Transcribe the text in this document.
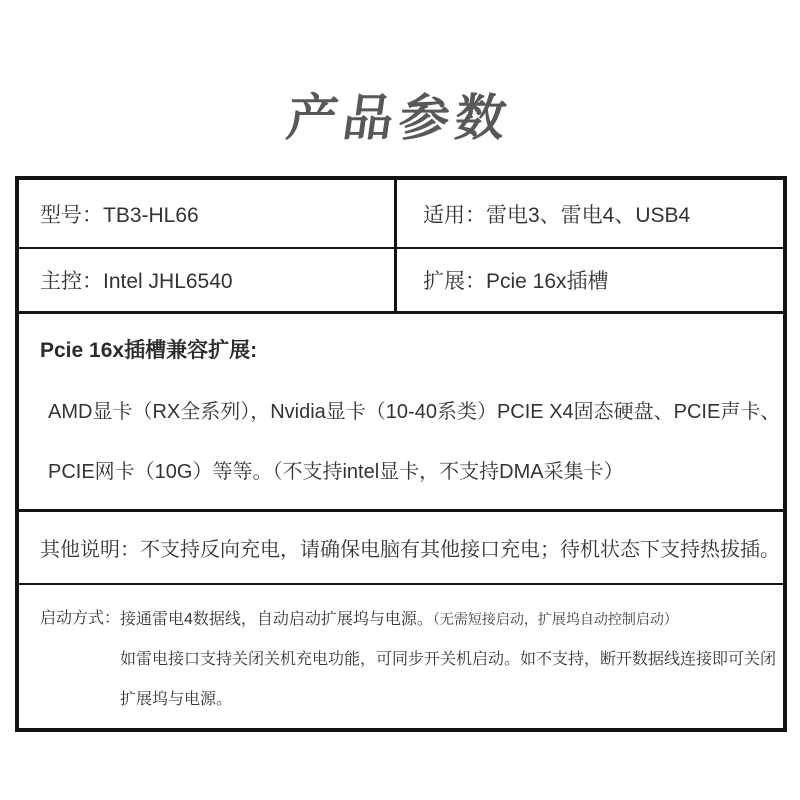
产品参数
型号：TB3-HL66	适用：雷电3、雷电4、USB4
主控：Intel JHL6540	扩展：Pcie 16x插槽
Pcie 16x插槽兼容扩展:
AMD显卡（RX全系列），Nvidia显卡（10-40系类）PCIE X4固态硬盘、PCIE声卡、
PCIE网卡（10G）等等。（不支持intel显卡，不支持DMA采集卡）
其他说明：不支持反向充电，请确保电脑有其他接口充电；待机状态下支持热拔插。
启动方式： 接通雷电4数据线，自动启动扩展坞与电源。（无需短接启动，扩展坞自动控制启动）
如雷电接口支持关闭关机充电功能，可同步开关机启动。如不支持，断开数据线连接即可关闭
扩展坞与电源。
